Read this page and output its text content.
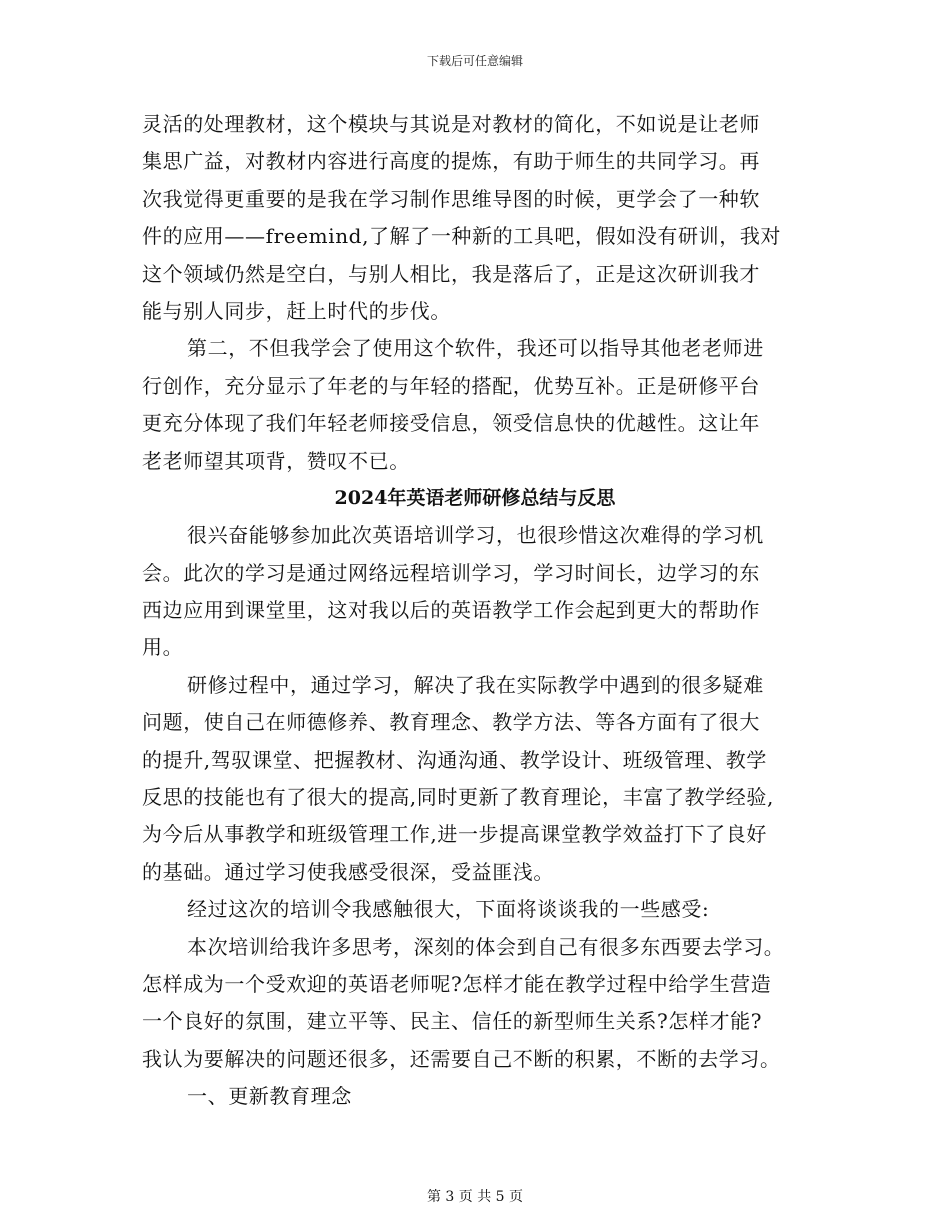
下载后可任意编辑
灵活的处理教材，这个模块与其说是对教材的简化，不如说是让老师
集思广益，对教材内容进行高度的提炼，有助于师生的共同学习。再
次我觉得更重要的是我在学习制作思维导图的时候，更学会了一种软
件的应用——freemind,了解了一种新的工具吧，假如没有研训，我对
这个领域仍然是空白，与别人相比，我是落后了，正是这次研训我才
能与别人同步，赶上时代的步伐。
第二，不但我学会了使用这个软件，我还可以指导其他老老师进
行创作，充分显示了年老的与年轻的搭配，优势互补。正是研修平台
更充分体现了我们年轻老师接受信息，领受信息快的优越性。这让年
老老师望其项背，赞叹不已。
2024年英语老师研修总结与反思
很兴奋能够参加此次英语培训学习，也很珍惜这次难得的学习机
会。此次的学习是通过网络远程培训学习，学习时间长，边学习的东
西边应用到课堂里，这对我以后的英语教学工作会起到更大的帮助作
用。
研修过程中，通过学习，解决了我在实际教学中遇到的很多疑难
问题，使自己在师德修养、教育理念、教学方法、等各方面有了很大
的提升,驾驭课堂、把握教材、沟通沟通、教学设计、班级管理、教学
反思的技能也有了很大的提高,同时更新了教育理论，丰富了教学经验,
为今后从事教学和班级管理工作,进一步提高课堂教学效益打下了良好
的基础。通过学习使我感受很深，受益匪浅。
经过这次的培训令我感触很大，下面将谈谈我的一些感受:
本次培训给我许多思考，深刻的体会到自己有很多东西要去学习。
怎样成为一个受欢迎的英语老师呢?怎样才能在教学过程中给学生营造
一个良好的氛围，建立平等、民主、信任的新型师生关系?怎样才能?
我认为要解决的问题还很多，还需要自己不断的积累，不断的去学习。
一、更新教育理念
第 3 页 共 5 页
